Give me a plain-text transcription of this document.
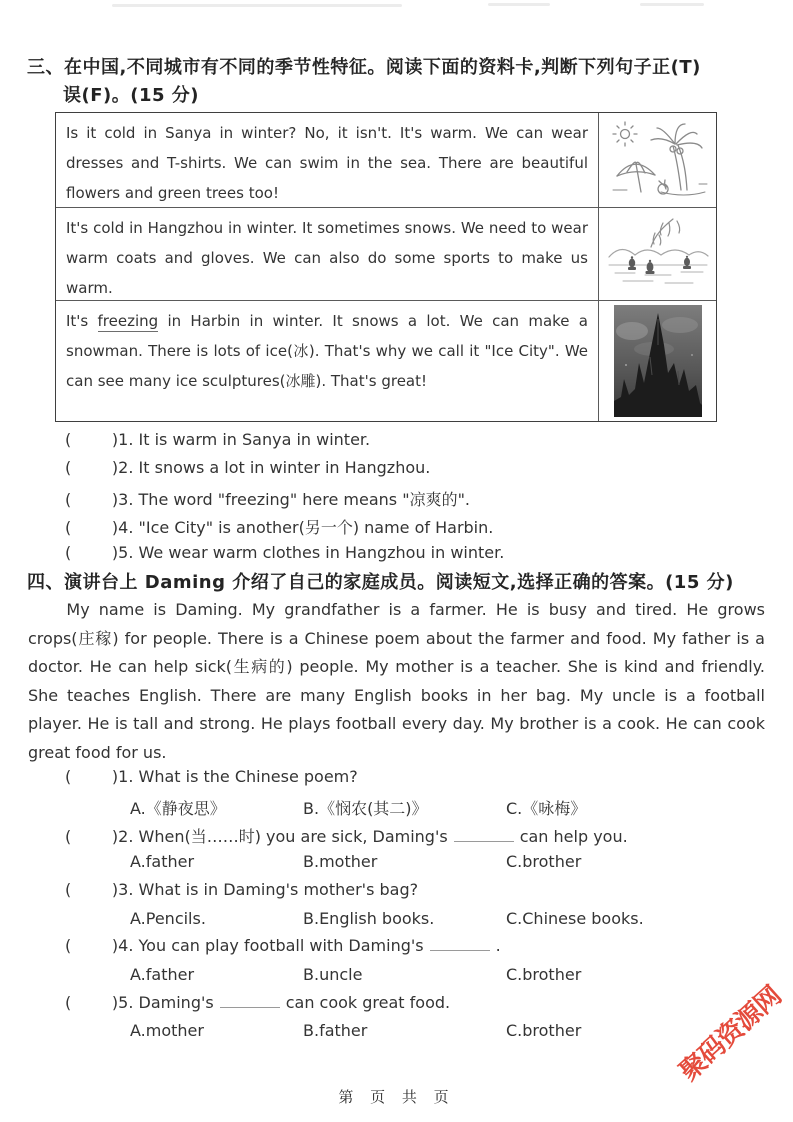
三、在中国,不同城市有不同的季节性特征。阅读下面的资料卡,判断下列句子正(T)
误(F)。(15 分)
Is it cold in Sanya in winter? No, it isn't. It's warm. We can wear dresses and T-shirts. We can swim in the sea. There are beautiful flowers and green trees too!
It's cold in Hangzhou in winter. It sometimes snows. We need to wear warm coats and gloves. We can also do some sports to make us warm.
It's freezing in Harbin in winter. It snows a lot. We can make a snowman. There is lots of ice(冰). That's why we call it "Ice City". We can see many ice sculptures(冰雕). That's great!
(        )1. It is warm in Sanya in winter.
(        )2. It snows a lot in winter in Hangzhou.
(        )3. The word "freezing" here means "凉爽的".
(        )4. "Ice City" is another(另一个) name of Harbin.
(        )5. We wear warm clothes in Hangzhou in winter.
四、演讲台上 Daming 介绍了自己的家庭成员。阅读短文,选择正确的答案。(15 分)
My name is Daming. My grandfather is a farmer. He is busy and tired. He grows crops(庄稼) for people. There is a Chinese poem about the farmer and food. My father is a doctor. He can help sick(生病的) people. My mother is a teacher. She is kind and friendly. She teaches English. There are many English books in her bag. My uncle is a football player. He is tall and strong. He plays football every day. My brother is a cook. He can cook great food for us.
(        )1. What is the Chinese poem?
A.《静夜思》	B.《悯农(其二)》	C.《咏梅》
(        )2. When(当……时) you are sick, Daming's	can help you.
A.father	B.mother	C.brother
(        )3. What is in Daming's mother's bag?
A.Pencils.	B.English books.	C.Chinese books.
(        )4. You can play football with Daming's	.
A.father	B.uncle	C.brother
(        )5. Daming's	can cook great food.
A.mother	B.father	C.brother	聚码资源网
第 页 共 页
